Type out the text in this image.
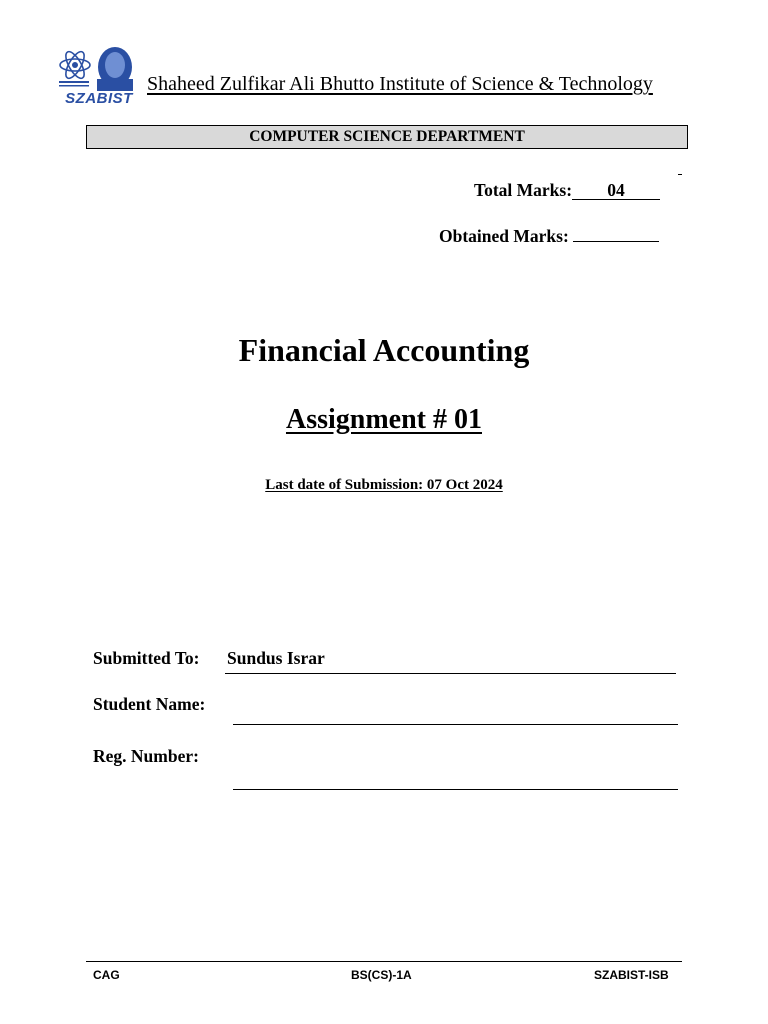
SZABIST
Shaheed Zulfikar Ali Bhutto Institute of Science & Technology
COMPUTER SCIENCE DEPARTMENT
Total Marks: 04
Obtained Marks:
Financial Accounting
Assignment # 01
Last date of Submission: 07 Oct 2024
Submitted To: Sundus Israr
Student Name:
Reg. Number:
CAG	BS(CS)-1A	SZABIST-ISB
